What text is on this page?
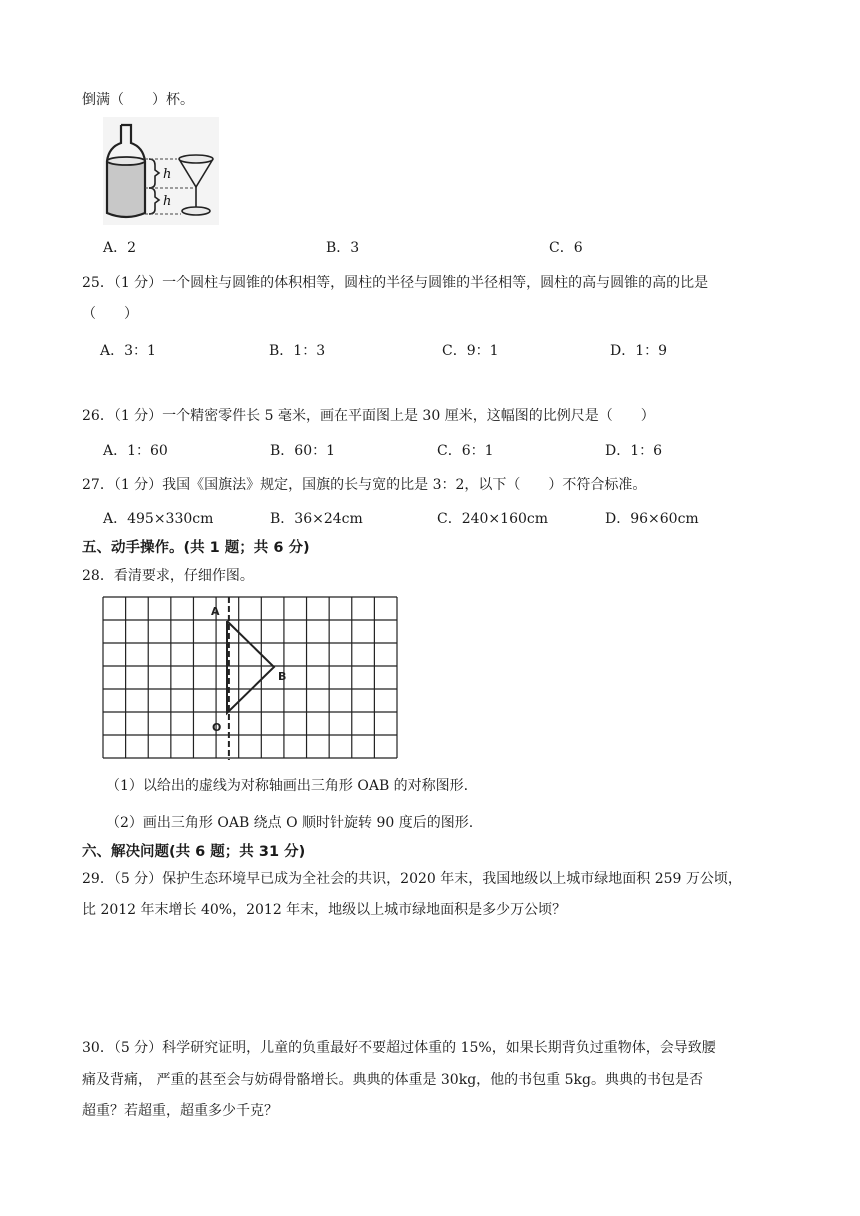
倒满（　　）杯。
h
h
A．2	B．3	C．6
25．（1 分）一个圆柱与圆锥的体积相等，圆柱的半径与圆锥的半径相等，圆柱的高与圆锥的高的比是
（　　）
A．3：1	B．1：3	C．9：1	D．1：9
26．（1 分）一个精密零件长 5 毫米，画在平面图上是 30 厘米，这幅图的比例尺是（　　）
A．1：60	B．60：1	C．6：1	D．1：6
27．（1 分）我国《国旗法》规定，国旗的长与宽的比是 3：2，以下（　　）不符合标准。
A．495×330cm	B．36×24cm	C．240×160cm	D．96×60cm
五、动手操作。(共 1 题；共 6 分)
28．看清要求，仔细作图。
A
B
O
（1）以给出的虚线为对称轴画出三角形 OAB 的对称图形.
（2）画出三角形 OAB 绕点 O 顺时针旋转 90 度后的图形.
六、解决问题(共 6 题；共 31 分)
29．（5 分）保护生态环境早已成为全社会的共识，2020 年末，我国地级以上城市绿地面积 259 万公顷，
比 2012 年末增长 40%，2012 年末，地级以上城市绿地面积是多少万公顷？
30．（5 分）科学研究证明，儿童的负重最好不要超过体重的 15%，如果长期背负过重物体，会导致腰
痛及背痛， 严重的甚至会与妨碍骨骼增长。典典的体重是 30kg，他的书包重 5kg。典典的书包是否
超重？若超重，超重多少千克？
